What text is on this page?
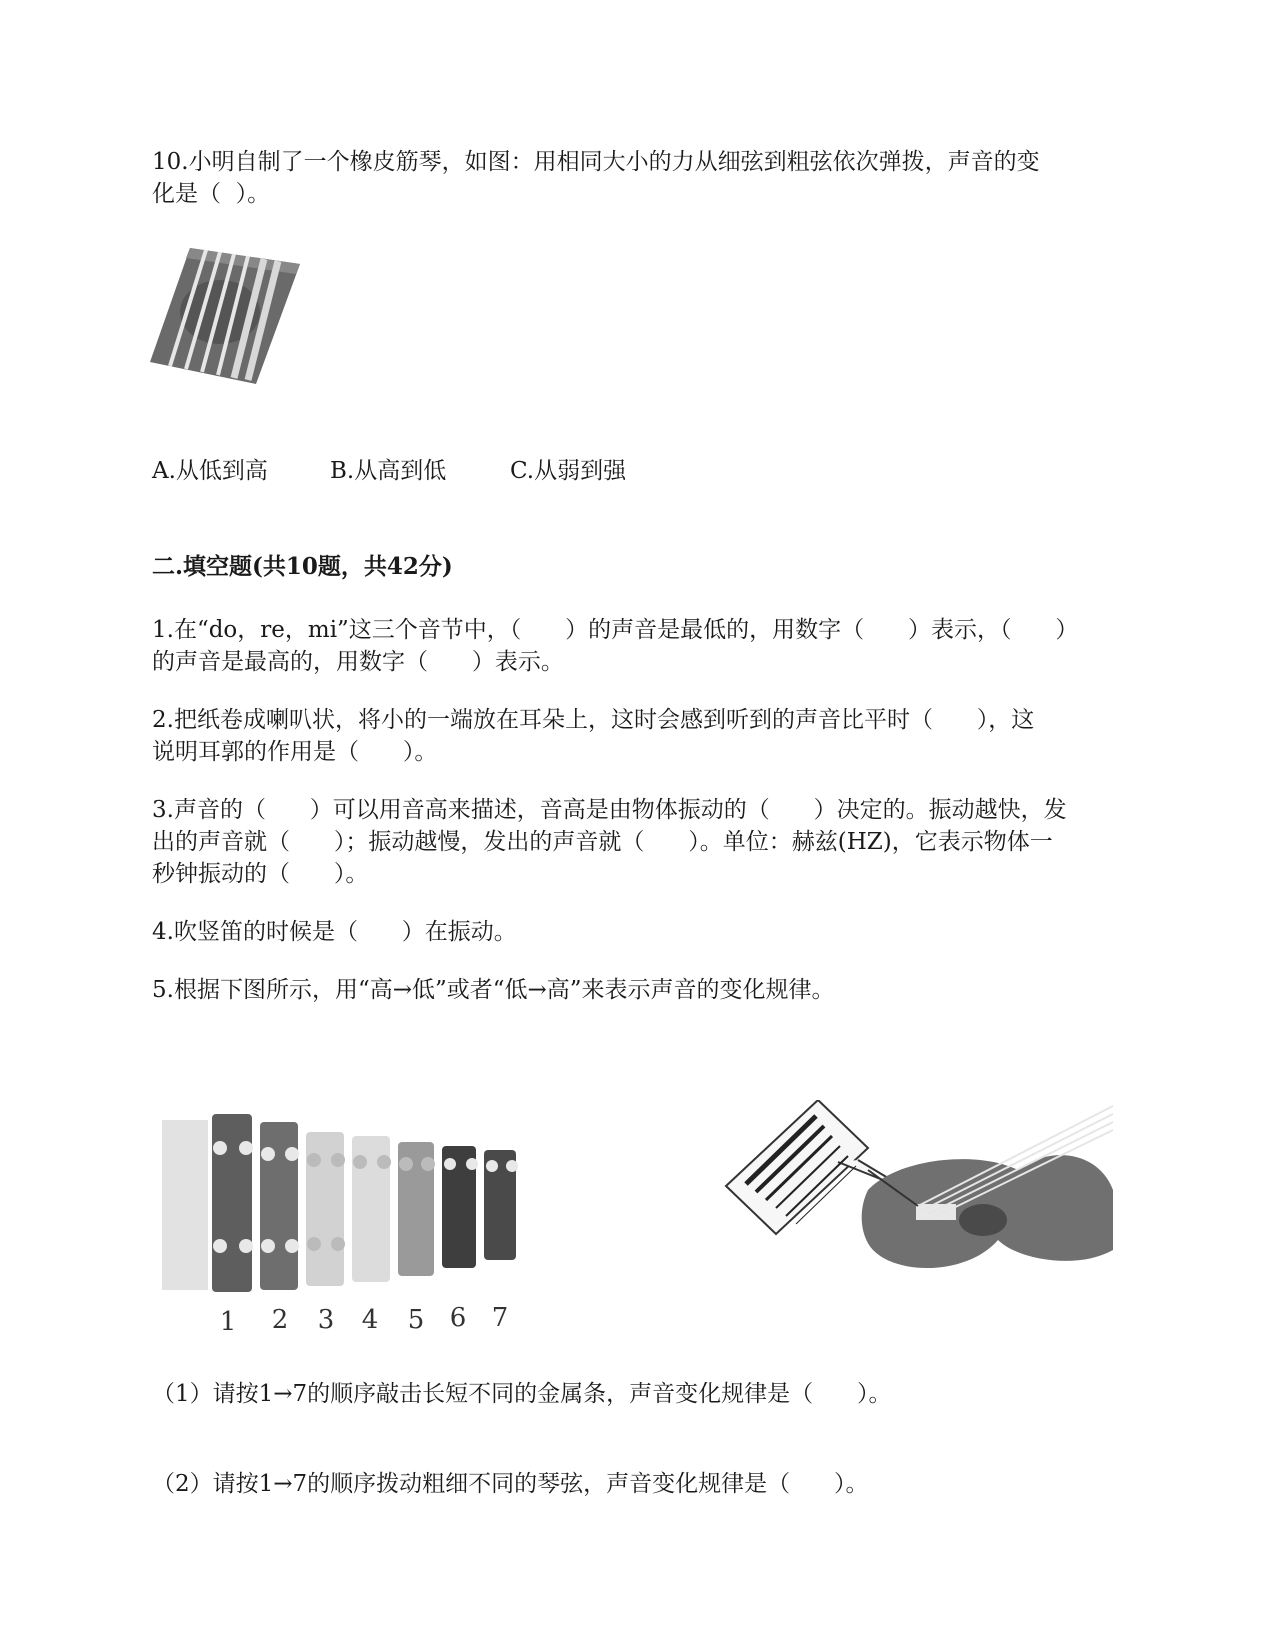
10.小明自制了一个橡皮筋琴，如图：用相同大小的力从细弦到粗弦依次弹拨，声音的变
化是（  ）。
A.从低到高	B.从高到低	C.从弱到强
二.填空题(共10题，共42分)
1.在“do，re，mi”这三个音节中，（      ）的声音是最低的，用数字（      ）表示，（      ）
的声音是最高的，用数字（      ）表示。
2.把纸卷成喇叭状，将小的一端放在耳朵上，这时会感到听到的声音比平时（      ），这
说明耳郭的作用是（      ）。
3.声音的（      ）可以用音高来描述，音高是由物体振动的（      ）决定的。振动越快，发
出的声音就（      ）；振动越慢，发出的声音就（      ）。单位：赫兹(HZ)，它表示物体一
秒钟振动的（      ）。
4.吹竖笛的时候是（      ）在振动。
5.根据下图所示，用“高→低”或者“低→高”来表示声音的变化规律。
1 2 3 4 5 6 7
（1）请按1→7的顺序敲击长短不同的金属条，声音变化规律是（      ）。
（2）请按1→7的顺序拨动粗细不同的琴弦，声音变化规律是（      ）。
